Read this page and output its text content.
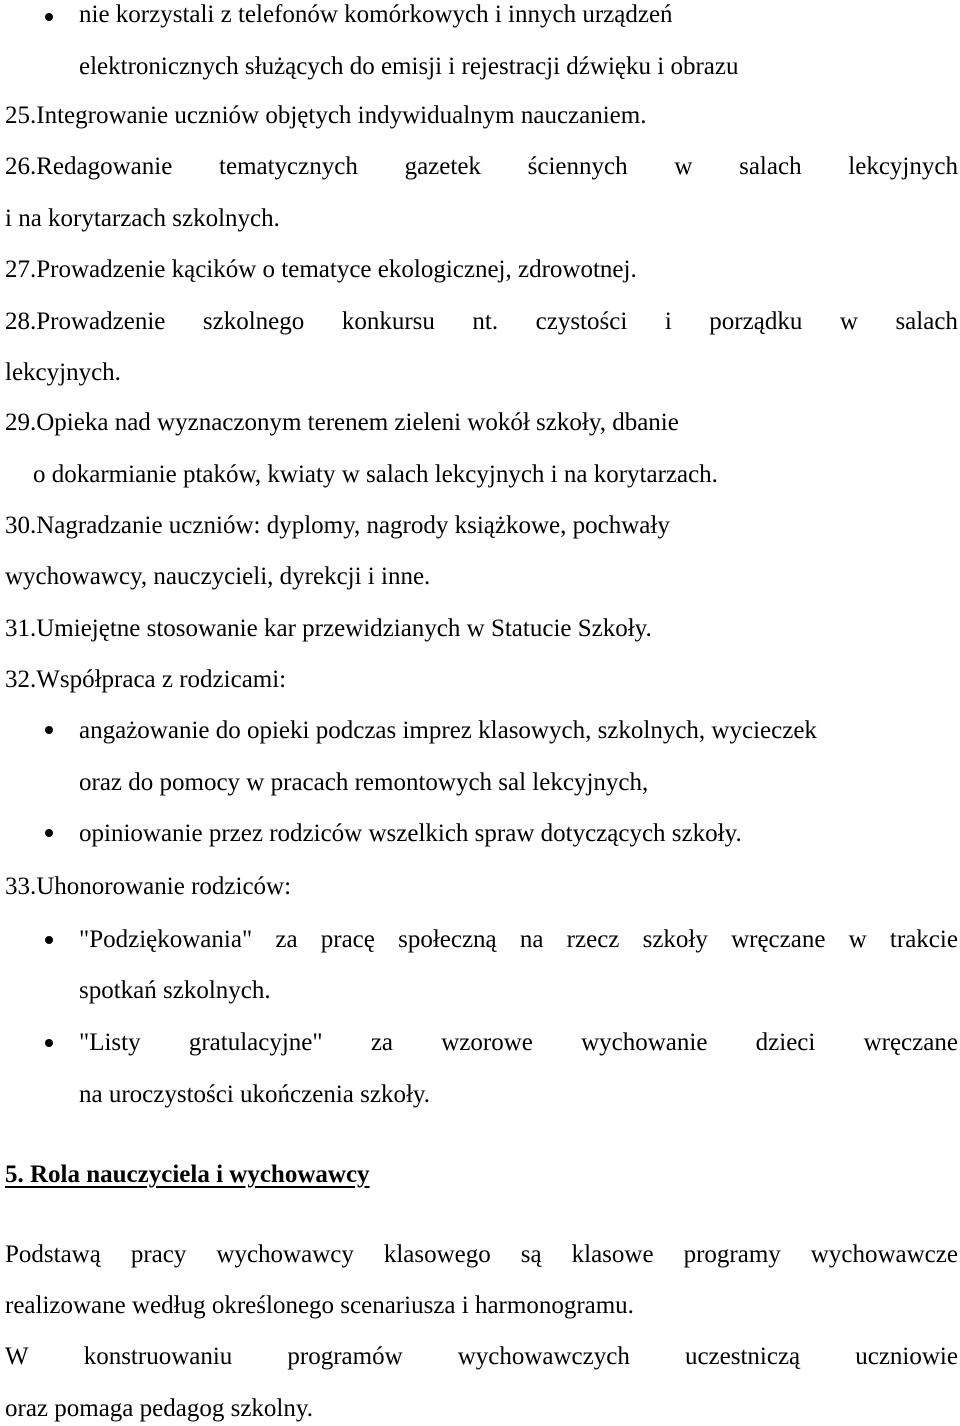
nie korzystali z telefonów komórkowych i innych urządzeń
elektronicznych służących do emisji i rejestracji dźwięku i obrazu
25.Integrowanie uczniów objętych indywidualnym nauczaniem.
26.Redagowanie tematycznych gazetek ściennych w salach lekcyjnych
i na korytarzach szkolnych.
27.Prowadzenie kącików o tematyce ekologicznej, zdrowotnej.
28.Prowadzenie szkolnego konkursu nt. czystości i porządku w salach
lekcyjnych.
29.Opieka nad wyznaczonym terenem zieleni wokół szkoły, dbanie
o dokarmianie ptaków, kwiaty w salach lekcyjnych i na korytarzach.
30.Nagradzanie uczniów: dyplomy, nagrody książkowe, pochwały
wychowawcy, nauczycieli, dyrekcji i inne.
31.Umiejętne stosowanie kar przewidzianych w Statucie Szkoły.
32.Współpraca z rodzicami:
angażowanie do opieki podczas imprez klasowych, szkolnych, wycieczek
oraz do pomocy w pracach remontowych sal lekcyjnych,
opiniowanie przez rodziców wszelkich spraw dotyczących szkoły.
33.Uhonorowanie rodziców:
"Podziękowania" za pracę społeczną na rzecz szkoły wręczane w trakcie
spotkań szkolnych.
"Listy gratulacyjne" za wzorowe wychowanie dzieci wręczane
na uroczystości ukończenia szkoły.
5. Rola nauczyciela i wychowawcy
Podstawą pracy wychowawcy klasowego są klasowe programy wychowawcze
realizowane według określonego scenariusza i harmonogramu.
W konstruowaniu programów wychowawczych uczestniczą uczniowie
oraz pomaga pedagog szkolny.
